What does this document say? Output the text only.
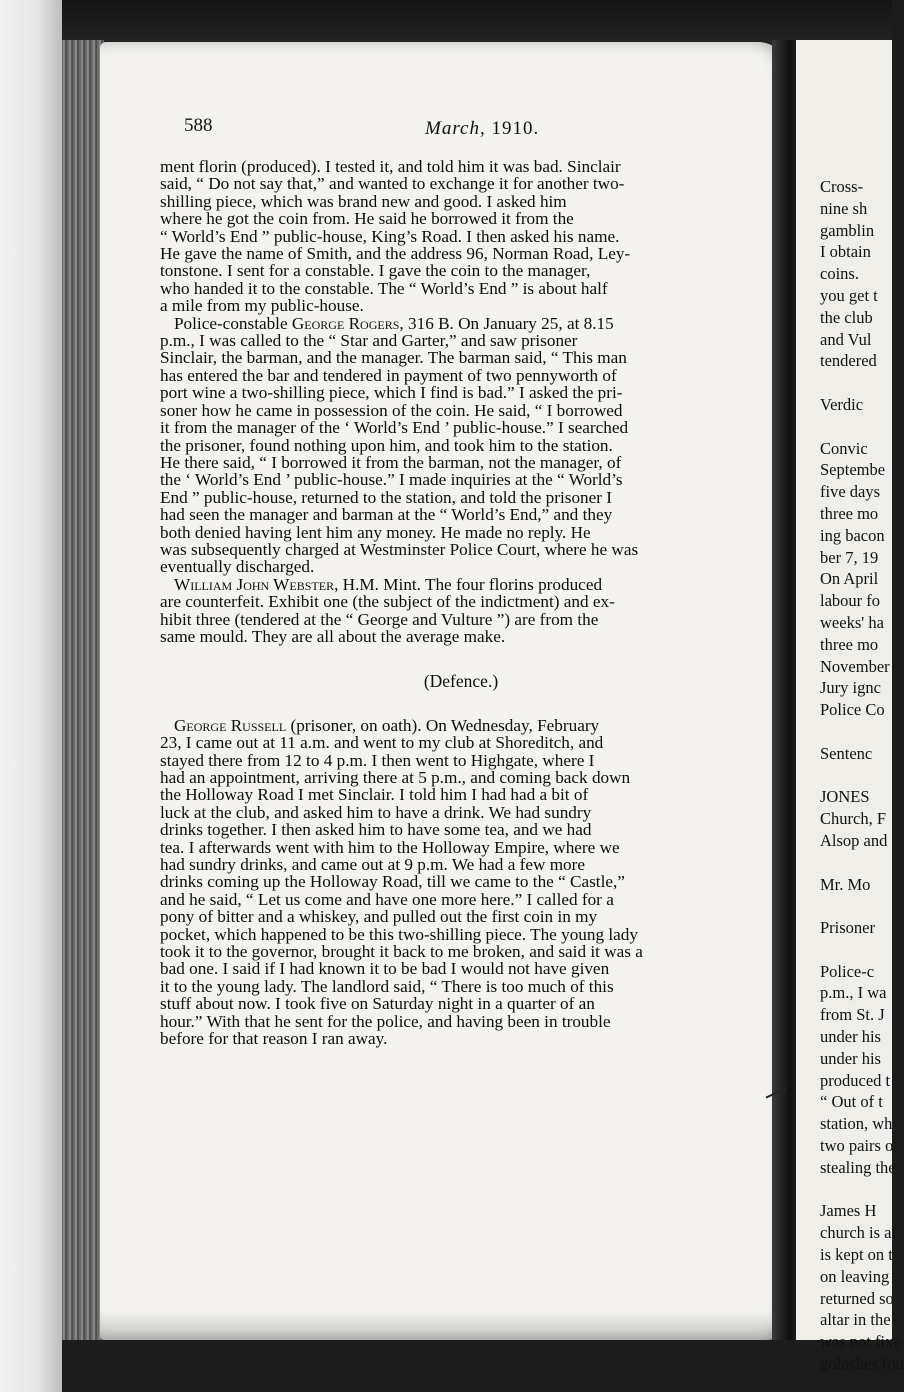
588	March, 1910.
ment florin (produced). I tested it, and told him it was bad. Sinclair
said, “ Do not say that,” and wanted to exchange it for another two-
shilling piece, which was brand new and good. I asked him
where he got the coin from. He said he borrowed it from the
“ World’s End ” public-house, King’s Road. I then asked his name.
He gave the name of Smith, and the address 96, Norman Road, Ley-
tonstone. I sent for a constable. I gave the coin to the manager,
who handed it to the constable. The “ World’s End ” is about half
a mile from my public-house.
Police-constable George Rogers, 316 B. On January 25, at 8.15
p.m., I was called to the “ Star and Garter,” and saw prisoner
Sinclair, the barman, and the manager. The barman said, “ This man
has entered the bar and tendered in payment of two pennyworth of
port wine a two-shilling piece, which I find is bad.” I asked the pri-
soner how he came in possession of the coin. He said, “ I borrowed
it from the manager of the ‘ World’s End ’ public-house.” I searched
the prisoner, found nothing upon him, and took him to the station.
He there said, “ I borrowed it from the barman, not the manager, of
the ‘ World’s End ’ public-house.” I made inquiries at the “ World’s
End ” public-house, returned to the station, and told the prisoner I
had seen the manager and barman at the “ World’s End,” and they
both denied having lent him any money. He made no reply. He
was subsequently charged at Westminster Police Court, where he was
eventually discharged.
William John Webster, H.M. Mint. The four florins produced
are counterfeit. Exhibit one (the subject of the indictment) and ex-
hibit three (tendered at the “ George and Vulture ”) are from the
same mould. They are all about the average make.
(Defence.)
George Russell (prisoner, on oath). On Wednesday, February
23, I came out at 11 a.m. and went to my club at Shoreditch, and
stayed there from 12 to 4 p.m. I then went to Highgate, where I
had an appointment, arriving there at 5 p.m., and coming back down
the Holloway Road I met Sinclair. I told him I had had a bit of
luck at the club, and asked him to have a drink. We had sundry
drinks together. I then asked him to have some tea, and we had
tea. I afterwards went with him to the Holloway Empire, where we
had sundry drinks, and came out at 9 p.m. We had a few more
drinks coming up the Holloway Road, till we came to the “ Castle,”
and he said, “ Let us come and have one more here.” I called for a
pony of bitter and a whiskey, and pulled out the first coin in my
pocket, which happened to be this two-shilling piece. The young lady
took it to the governor, brought it back to me broken, and said it was a
bad one. I said if I had known it to be bad I would not have given
it to the young lady. The landlord said, “ There is too much of this
stuff about now. I took five on Saturday night in a quarter of an
hour.” With that he sent for the police, and having been in trouble
before for that reason I ran away.
Cross-
nine sh
gamblin
I obtain
coins.
you get t
the club
and Vul
tendered

Verdic

Convic
Septembe
five days
three mo
ing bacon
ber 7, 19
On April
labour fo
weeks' ha
three mo
November
Jury ignc
Police Co

Sentenc

JONES
Church, F
Alsop and

Mr. Mo

Prisoner

Police-c
p.m., I wa
from St. J
under his
under his
produced t
“ Out of t
station, wh
two pairs o
stealing the

James H
church is al
is kept on t
on leaving
returned so
altar in the
was not fixe
goloshes fou
